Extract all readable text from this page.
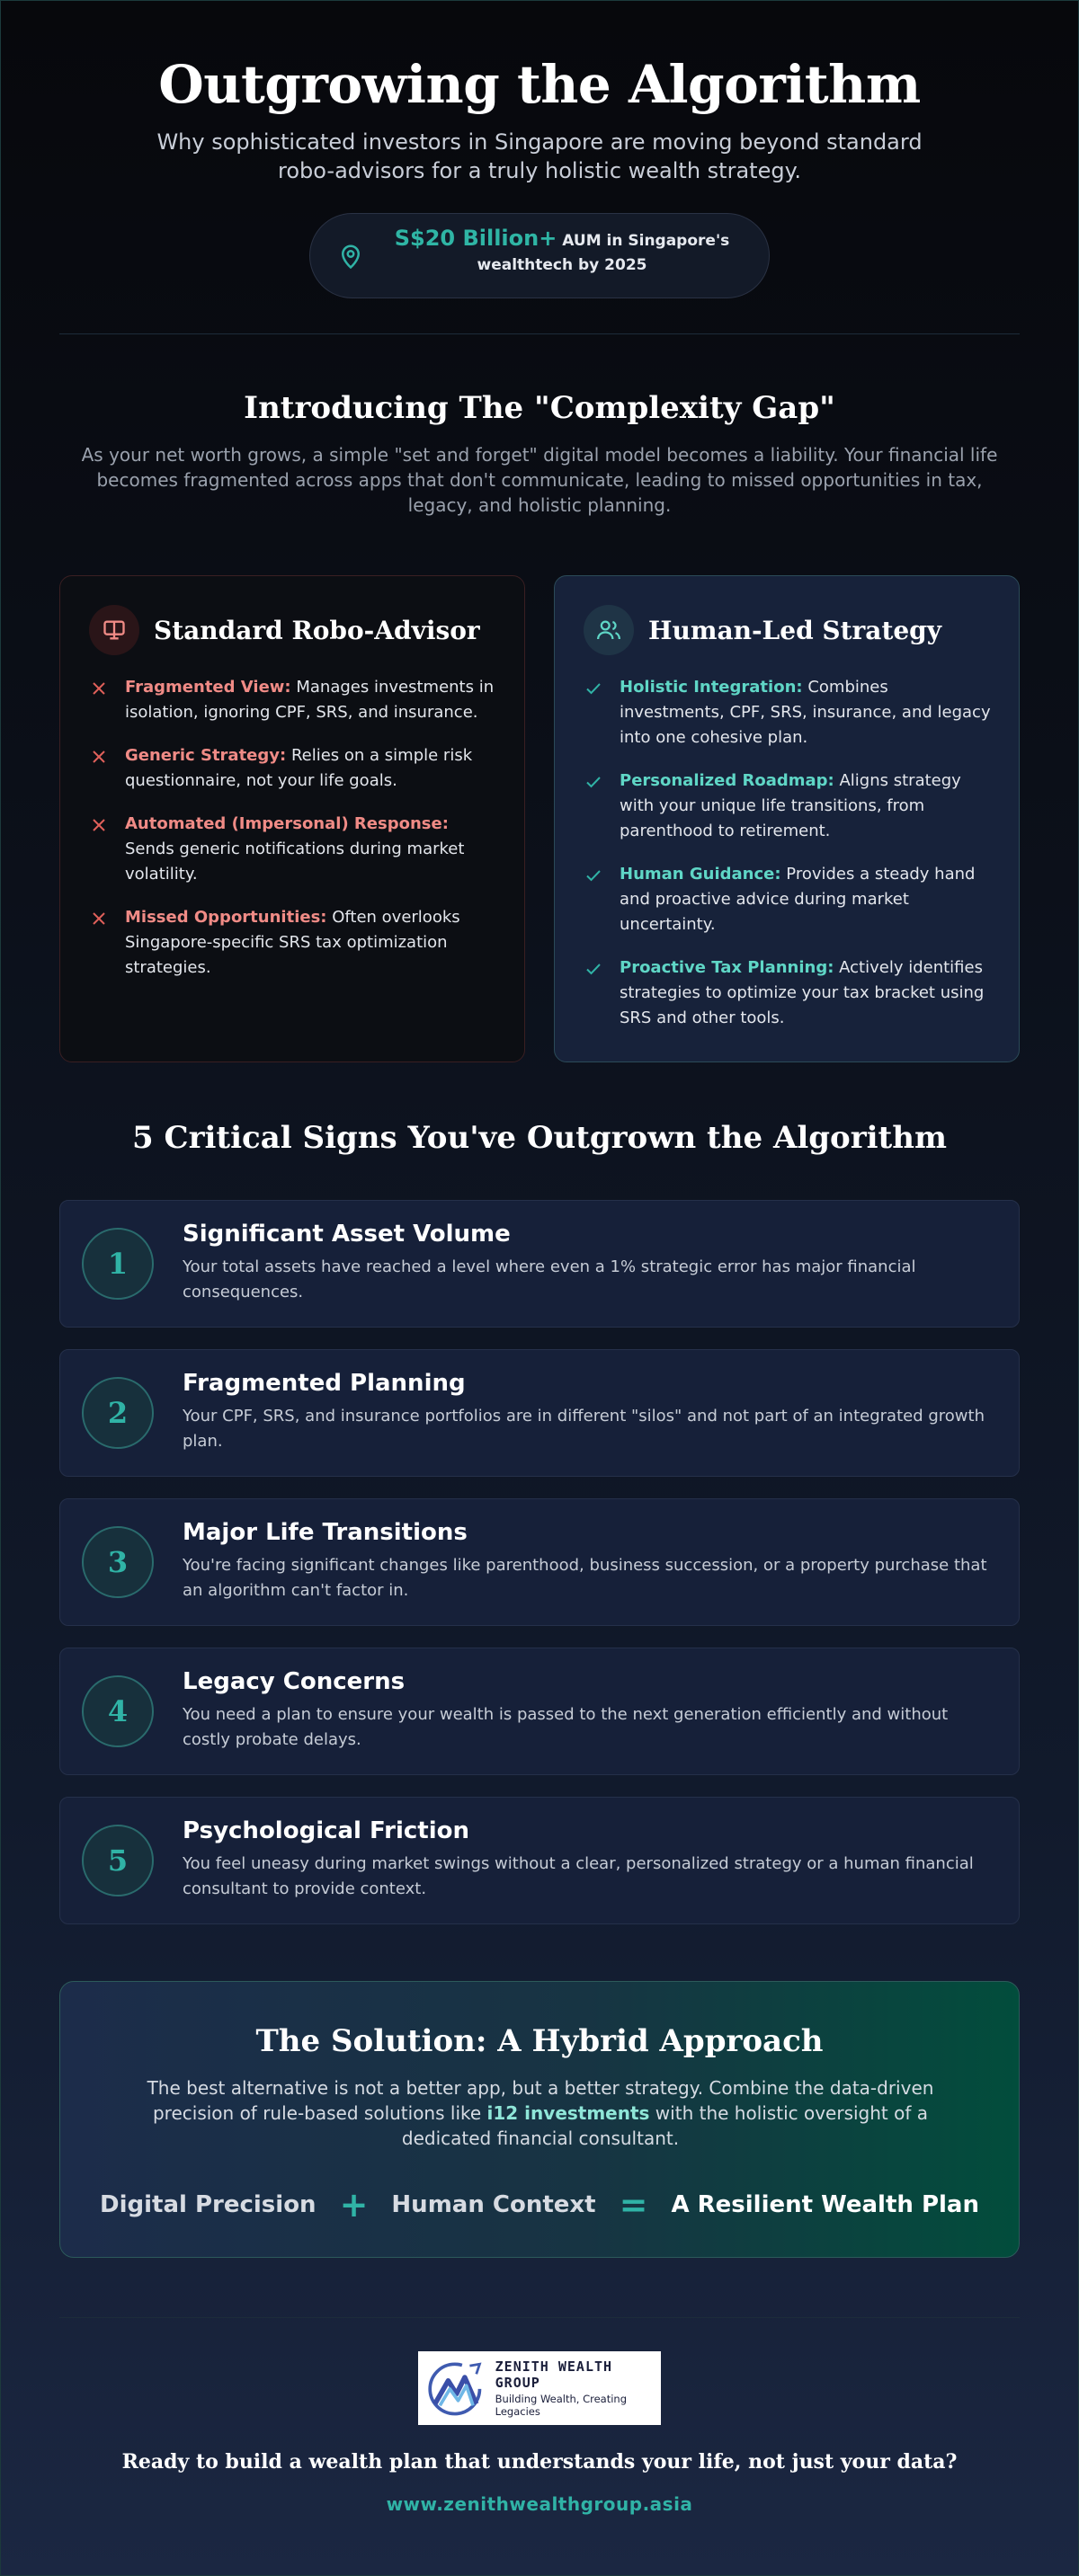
Outgrowing the Algorithm

Why sophisticated investors in Singapore are moving beyond standard robo-advisors for a truly holistic wealth strategy.

S$20 Billion+ AUM in Singapore's wealthtech by 2025
Introducing The "Complexity Gap"

As your net worth grows, a simple "set and forget" digital model becomes a liability. Your financial life becomes fragmented across apps that don't communicate, leading to missed opportunities in tax, legacy, and holistic planning.

Standard Robo-Advisor
Fragmented View: Manages investments in isolation, ignoring CPF, SRS, and insurance.
Generic Strategy: Relies on a simple risk questionnaire, not your life goals.
Automated (Impersonal) Response: Sends generic notifications during market volatility.
Missed Opportunities: Often overlooks Singapore-specific SRS tax optimization strategies.
Human-Led Strategy
Holistic Integration: Combines investments, CPF, SRS, insurance, and legacy into one cohesive plan.
Personalized Roadmap: Aligns strategy with your unique life transitions, from parenthood to retirement.
Human Guidance: Provides a steady hand and proactive advice during market uncertainty.
Proactive Tax Planning: Actively identifies strategies to optimize your tax bracket using SRS and other tools.
5 Critical Signs You've Outgrown the Algorithm
1
Significant Asset Volume
Your total assets have reached a level where even a 1% strategic error has major financial consequences.
2
Fragmented Planning
Your CPF, SRS, and insurance portfolios are in different "silos" and not part of an integrated growth plan.
3
Major Life Transitions
You're facing significant changes like parenthood, business succession, or a property purchase that an algorithm can't factor in.
4
Legacy Concerns
You need a plan to ensure your wealth is passed to the next generation efficiently and without costly probate delays.
5
Psychological Friction
You feel uneasy during market swings without a clear, personalized strategy or a human financial consultant to provide context.
The Solution: A Hybrid Approach

The best alternative is not a better app, but a better strategy. Combine the data-driven precision of rule-based solutions like i12 investments with the holistic oversight of a dedicated financial consultant.

Digital Precision + Human Context = A Resilient Wealth Plan
ZENITH WEALTH GROUP
Building Wealth, Creating Legacies
Ready to build a wealth plan that understands your life, not just your data?
www.zenithwealthgroup.asia
